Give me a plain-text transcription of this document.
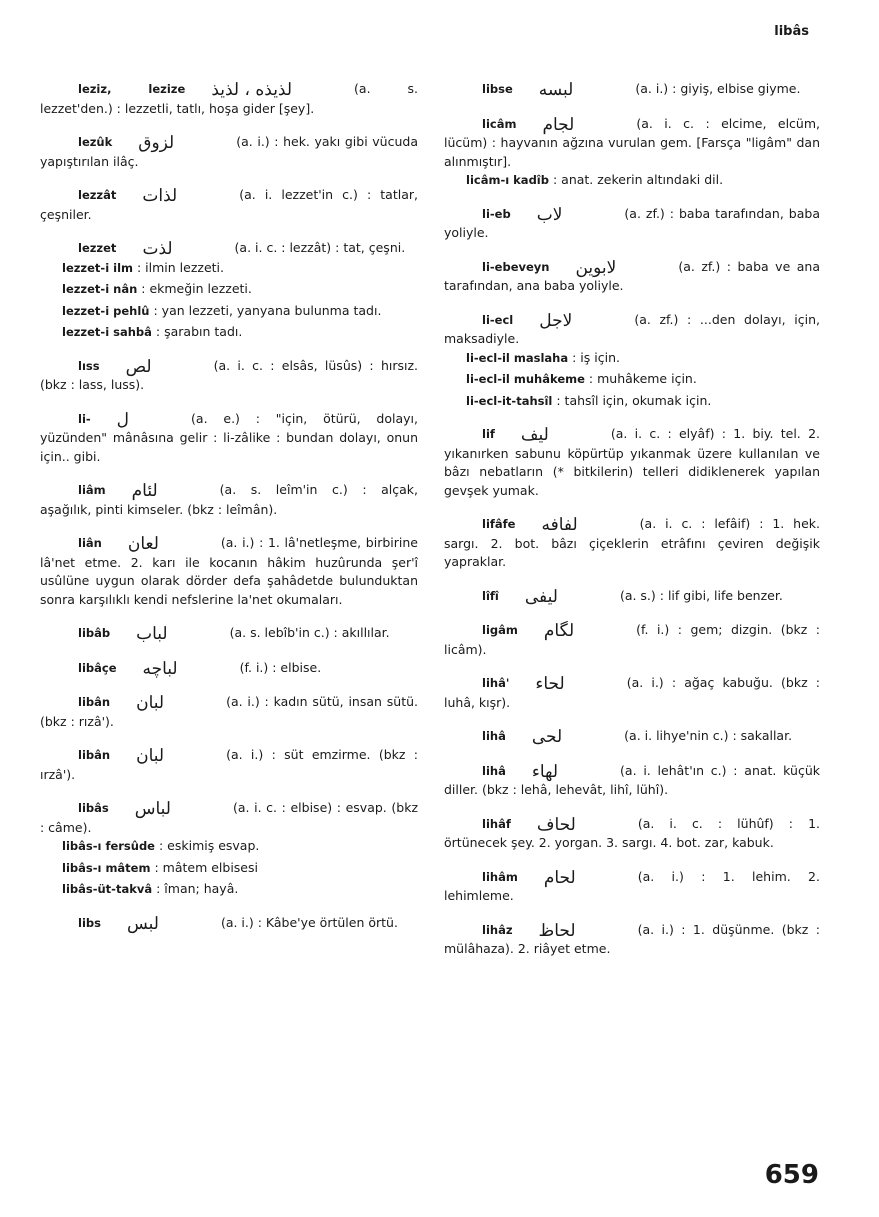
libâs
leziz, lezize لذيذه ، لذيذ	(a. s. lezzet'den.) : lezzetli, tatlı, hoşa gider [şey].
lezûk لزوق	(a. i.) : hek. yakı gibi vücuda yapıştırılan ilâç.
lezzât لذات	(a. i. lezzet'in c.) : tatlar, çeşniler.
lezzet لذت	(a. i. c. : lezzât) : tat, çeşni.
lezzet-i ilm : ilmin lezzeti.
lezzet-i nân : ekmeğin lezzeti.
lezzet-i pehlû : yan lezzeti, yanyana bulunma tadı.
lezzet-i sahbâ : şarabın tadı.
lıss لص	(a. i. c. : elsâs, lüsûs) : hırsız. (bkz : lass, luss).
li- ل	(a. e.) : "için, ötürü, dolayı, yüzünden" mânâsına gelir : li-zâlike : bundan dolayı, onun için.. gibi.
liâm لئام	(a. s. leîm'in c.) : alçak, aşağılık, pinti kimseler. (bkz : leîmân).
liân لعان	(a. i.) : 1. lâ'netleşme, birbirine lâ'net etme. 2. karı ile kocanın hâkim huzûrunda şer'î usûlüne uygun olarak dörder defa şahâdetde bulunduktan sonra karşılıklı kendi nefslerine la'net okumaları.
libâb لباب	(a. s. lebîb'in c.) : akıllılar.
libâçe لباچه	(f. i.) : elbise.
libân لبان	(a. i.) : kadın sütü, insan sütü. (bkz : rızâ').
libân لبان	(a. i.) : süt emzirme. (bkz : ırzâ').
libâs لباس	(a. i. c. : elbise) : esvap. (bkz : câme).
libâs-ı fersûde : eskimiş esvap.
libâs-ı mâtem : mâtem elbisesi
libâs-üt-takvâ : îman; hayâ.
libs لبس	(a. i.) : Kâbe'ye örtülen örtü.
libse لبسه	(a. i.) : giyiş, elbise giyme.
licâm لجام	(a. i. c. : elcime, elcüm, lücüm) : hayvanın ağzına vurulan gem. [Farsça "ligâm" dan alınmıştır].
licâm-ı kadîb : anat. zekerin altındaki dil.
li-eb لاب	(a. zf.) : baba tarafından, baba yoliyle.
li-ebeveyn لابوين	(a. zf.) : baba ve ana tarafından, ana baba yoliyle.
li-ecl لاجل	(a. zf.) : ...den dolayı, için, maksadiyle.
li-ecl-il maslaha : iş için.
li-ecl-il muhâkeme : muhâkeme için.
li-ecl-it-tahsîl : tahsîl için, okumak için.
lif ليف	(a. i. c. : elyâf) : 1. biy. tel. 2. yıkanırken sabunu köpürtüp yıkanmak üzere kullanılan ve bâzı nebatların (* bitkilerin) telleri didiklenerek yapılan gevşek yumak.
lifâfe لفافه	(a. i. c. : lefâif) : 1. hek. sargı. 2. bot. bâzı çiçeklerin etrâfını çeviren değişik yapraklar.
lîfî ليفى	(a. s.) : lif gibi, life benzer.
ligâm لگام	(f. i.) : gem; dizgin. (bkz : licâm).
lihâ' لحاء	(a. i.) : ağaç kabuğu. (bkz : luhâ, kışr).
lihâ لحى	(a. i. lihye'nin c.) : sakallar.
lihâ لهاء	(a. i. lehât'ın c.) : anat. küçük diller. (bkz : lehâ, lehevât, lihî, lühî).
lihâf لحاف	(a. i. c. : lühûf) : 1. örtünecek şey. 2. yorgan. 3. sargı. 4. bot. zar, kabuk.
lihâm لحام	(a. i.) : 1. lehim. 2. lehimleme.
lihâz لحاظ	(a. i.) : 1. düşünme. (bkz : mülâhaza). 2. riâyet etme.
659
